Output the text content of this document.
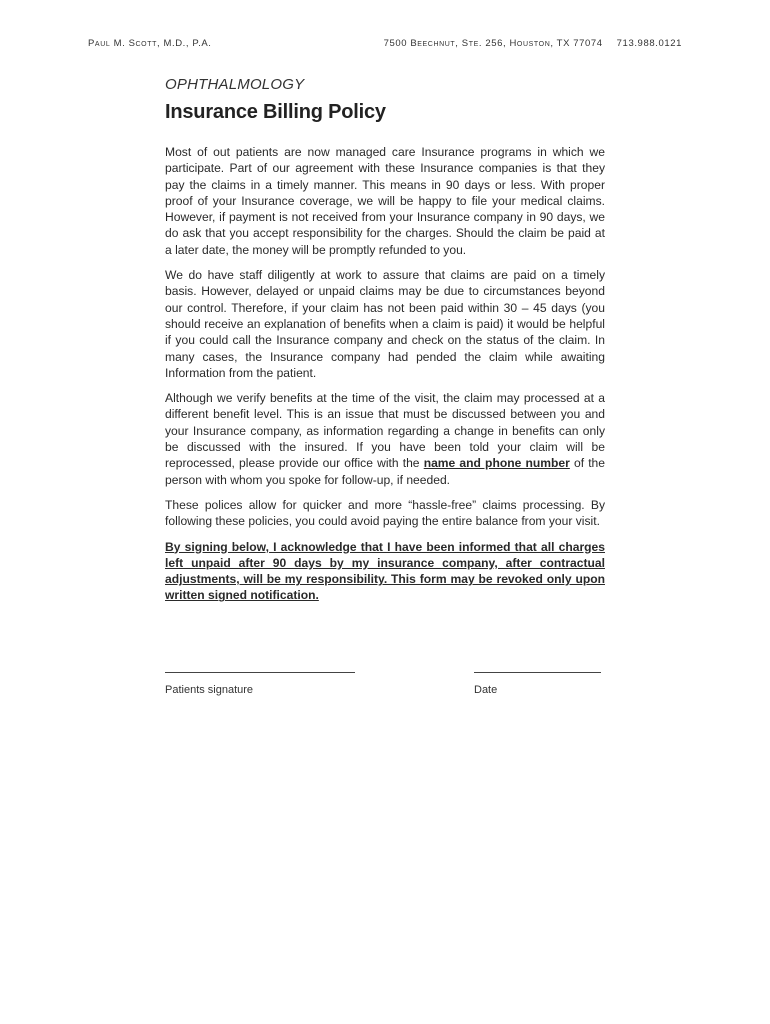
Paul M. Scott, M.D., P.A.	7500 Beechnut, Ste. 256, Houston, TX 77074 713.988.0121
OPHTHALMOLOGY
Insurance Billing Policy

Most of out patients are now managed care Insurance programs in which we participate. Part of our agreement with these Insurance companies is that they pay the claims in a timely manner. This means in 90 days or less. With proper proof of your Insurance coverage, we will be happy to file your medical claims. However, if payment is not received from your Insurance company in 90 days, we do ask that you accept responsibility for the charges. Should the claim be paid at a later date, the money will be promptly refunded to you.

We do have staff diligently at work to assure that claims are paid on a timely basis. However, delayed or unpaid claims may be due to circumstances beyond our control. Therefore, if your claim has not been paid within 30 – 45 days (you should receive an explanation of benefits when a claim is paid) it would be helpful if you could call the Insurance company and check on the status of the claim. In many cases, the Insurance company had pended the claim while awaiting Information from the patient.

Although we verify benefits at the time of the visit, the claim may processed at a different benefit level. This is an issue that must be discussed between you and your Insurance company, as information regarding a change in benefits can only be discussed with the insured. If you have been told your claim will be reprocessed, please provide our office with the name and phone number of the person with whom you spoke for follow-up, if needed.

These polices allow for quicker and more “hassle-free” claims processing. By following these policies, you could avoid paying the entire balance from your visit.

By signing below, I acknowledge that I have been informed that all charges left unpaid after 90 days by my insurance company, after contractual adjustments, will be my responsibility. This form may be revoked only upon written signed notification.

Patients signature	Date
